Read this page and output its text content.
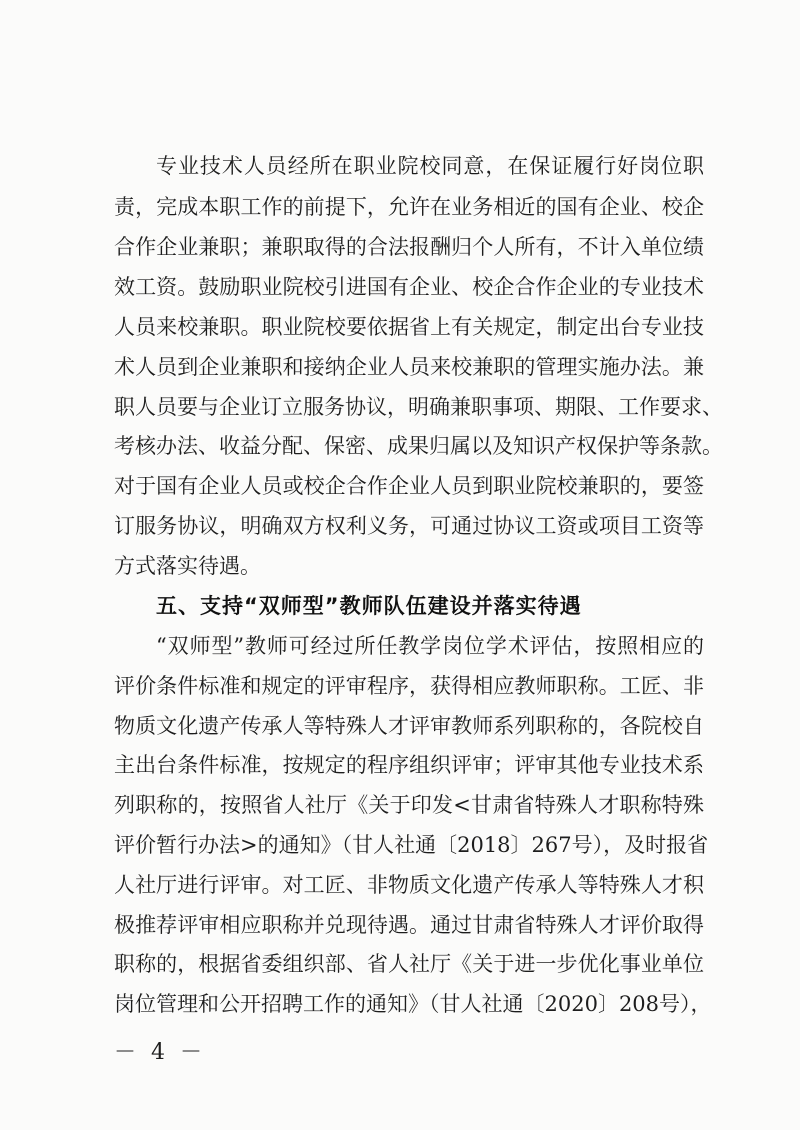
专业技术人员经所在职业院校同意，在保证履行好岗位职
责，完成本职工作的前提下，允许在业务相近的国有企业、校企
合作企业兼职；兼职取得的合法报酬归个人所有，不计入单位绩
效工资。鼓励职业院校引进国有企业、校企合作企业的专业技术
人员来校兼职。职业院校要依据省上有关规定，制定出台专业技
术人员到企业兼职和接纳企业人员来校兼职的管理实施办法。兼
职人员要与企业订立服务协议，明确兼职事项、期限、工作要求、
考核办法、收益分配、保密、成果归属以及知识产权保护等条款。
对于国有企业人员或校企合作企业人员到职业院校兼职的，要签
订服务协议，明确双方权利义务，可通过协议工资或项目工资等
方式落实待遇。
五、支持“双师型”教师队伍建设并落实待遇
“双师型”教师可经过所任教学岗位学术评估，按照相应的
评价条件标准和规定的评审程序，获得相应教师职称。工匠、非
物质文化遗产传承人等特殊人才评审教师系列职称的，各院校自
主出台条件标准，按规定的程序组织评审；评审其他专业技术系
列职称的，按照省人社厅《关于印发<甘肃省特殊人才职称特殊
评价暂行办法>的通知》（甘人社通〔2018〕267号），及时报省
人社厅进行评审。对工匠、非物质文化遗产传承人等特殊人才积
极推荐评审相应职称并兑现待遇。通过甘肃省特殊人才评价取得
职称的，根据省委组织部、省人社厅《关于进一步优化事业单位
岗位管理和公开招聘工作的通知》（甘人社通〔2020〕208号），
－ 4 －
